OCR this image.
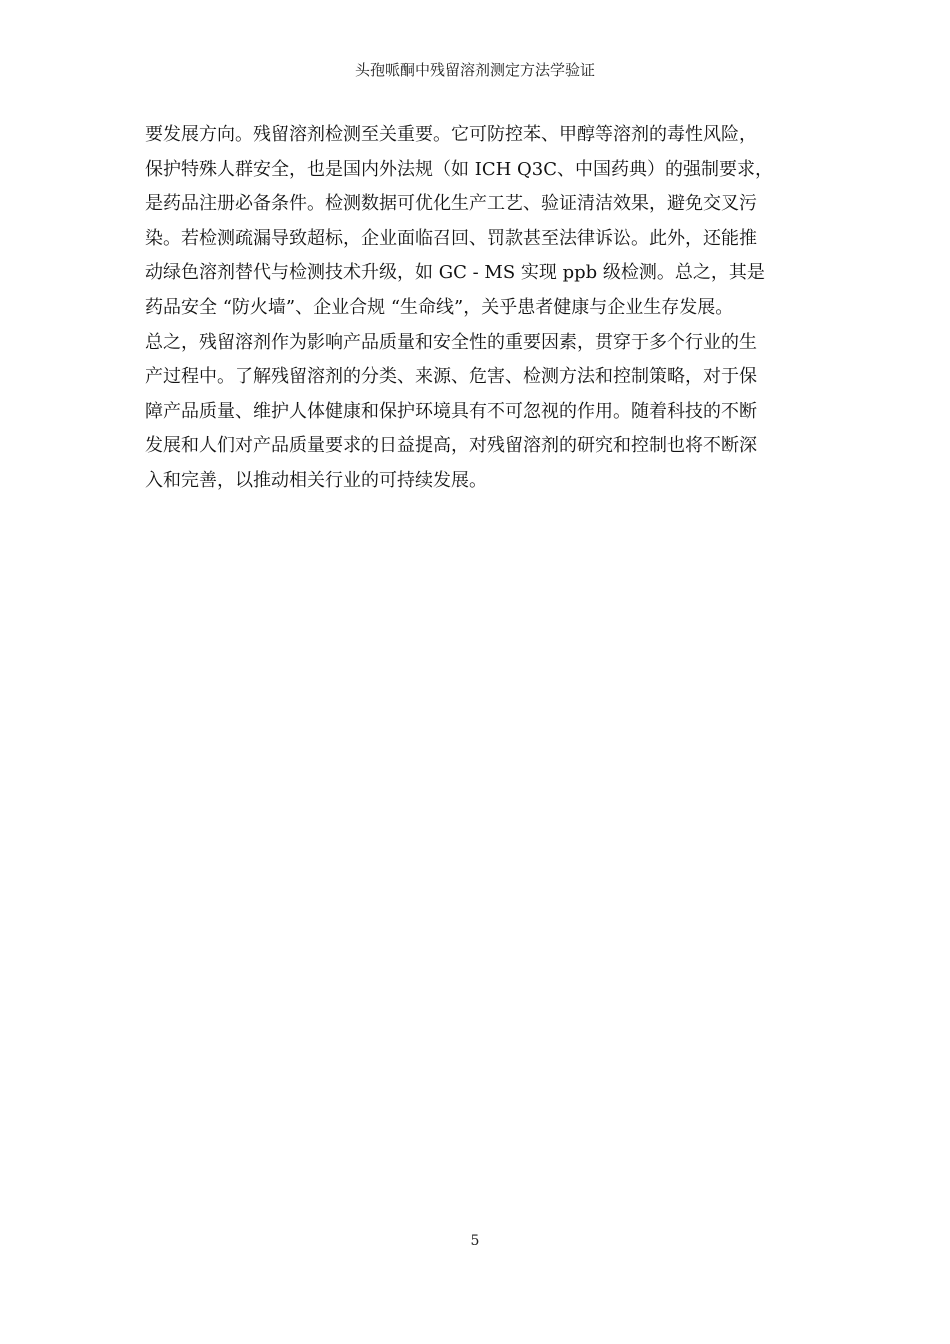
头孢哌酮中残留溶剂测定方法学验证
要发展方向。残留溶剂检测至关重要。它可防控苯、甲醇等溶剂的毒性风险，
保护特殊人群安全，也是国内外法规（如 ICH Q3C、中国药典）的强制要求，
是药品注册必备条件。检测数据可优化生产工艺、验证清洁效果，避免交叉污
染。若检测疏漏导致超标，企业面临召回、罚款甚至法律诉讼。此外，还能推
动绿色溶剂替代与检测技术升级，如 GC - MS 实现 ppb 级检测。总之，其是
药品安全 “防火墙”、企业合规 “生命线”，关乎患者健康与企业生存发展。
总之，残留溶剂作为影响产品质量和安全性的重要因素，贯穿于多个行业的生
产过程中。了解残留溶剂的分类、来源、危害、检测方法和控制策略，对于保
障产品质量、维护人体健康和保护环境具有不可忽视的作用。随着科技的不断
发展和人们对产品质量要求的日益提高，对残留溶剂的研究和控制也将不断深
入和完善，以推动相关行业的可持续发展。
5
